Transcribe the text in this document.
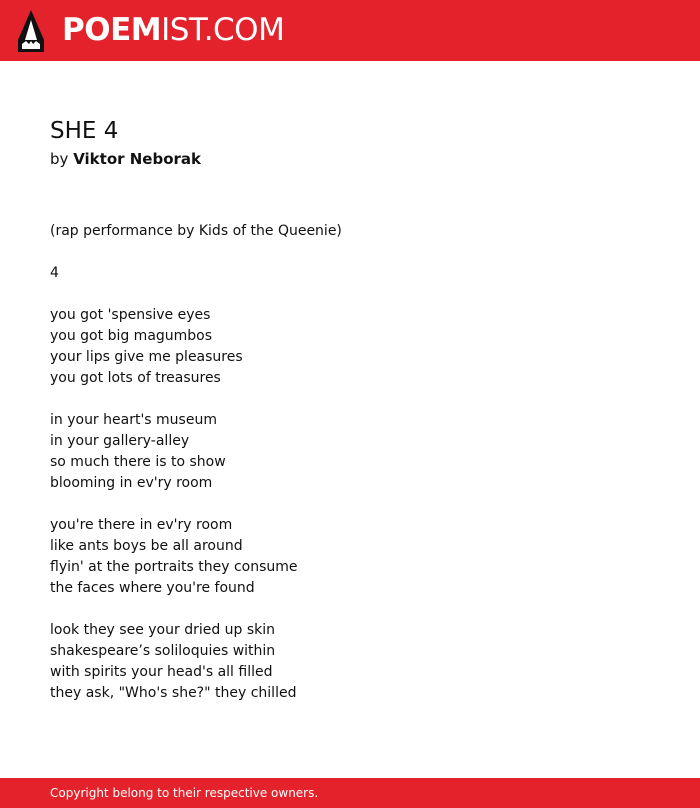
POEMIST.COM
SHE 4
by Viktor Neborak
(rap performance by Kids of the Queenie)
4
you got 'spensive eyes
you got big magumbos
your lips give me pleasures
you got lots of treasures
in your heart's museum
in your gallery-alley
so much there is to show
blooming in ev'ry room
you're there in ev'ry room
like ants boys be all around
flyin' at the portraits they consume
the faces where you're found
look they see your dried up skin
shakespeare’s soliloquies within
with spirits your head's all filled
they ask, "Who's she?" they chilled
Copyright belong to their respective owners.
